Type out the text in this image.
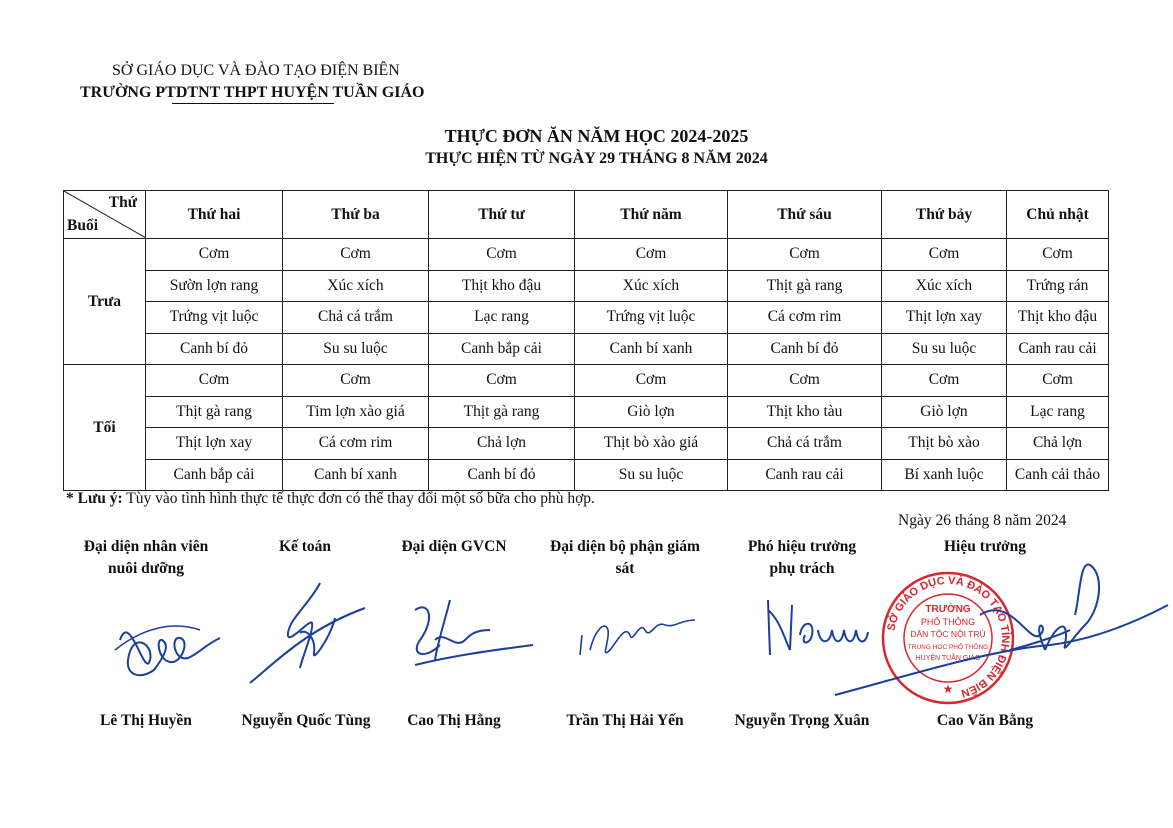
SỞ GIÁO DỤC VÀ ĐÀO TẠO ĐIỆN BIÊN
TRƯỜNG PTDTNT THPT HUYỆN TUẦN GIÁO
THỰC ĐƠN ĂN NĂM HỌC 2024-2025
THỰC HIỆN TỪ NGÀY 29 THÁNG 8 NĂM 2024
Thứ
Buổi	Thứ hai	Thứ ba	Thứ tư	Thứ năm	Thứ sáu	Thứ bảy	Chủ nhật
Trưa	Cơm	Cơm	Cơm	Cơm	Cơm	Cơm	Cơm
	Sườn lợn rang	Xúc xích	Thịt kho đậu	Xúc xích	Thịt gà rang	Xúc xích	Trứng rán
	Trứng vịt luộc	Chả cá trắm	Lạc rang	Trứng vịt luộc	Cá cơm rim	Thịt lợn xay	Thịt kho đậu
	Canh bí đỏ	Su su luộc	Canh bắp cải	Canh bí xanh	Canh bí đỏ	Su su luộc	Canh rau cải
Tối	Cơm	Cơm	Cơm	Cơm	Cơm	Cơm	Cơm
	Thịt gà rang	Tim lợn xào giá	Thịt gà rang	Giò lợn	Thịt kho tàu	Giò lợn	Lạc rang
	Thịt lợn xay	Cá cơm rim	Chả lợn	Thịt bò xào giá	Chả cá trắm	Thịt bò xào	Chả lợn
	Canh bắp cải	Canh bí xanh	Canh bí đỏ	Su su luộc	Canh rau cải	Bí xanh luộc	Canh cải thảo
* Lưu ý: Tùy vào tình hình thực tế thực đơn có thể thay đổi một số bữa cho phù hợp.
Ngày 26 tháng 8 năm 2024
Đại diện nhân viên
nuôi dưỡng
Kế toán	Đại diện GVCN	Đại diện bộ phận giám
sát
Phó hiệu trưởng
phụ trách
Hiệu trưởng
SỞ GIÁO DỤC VÀ ĐÀO TẠO TỈNH ĐIỆN BIÊN
TRƯỜNG
PHỔ THÔNG
DÂN TỘC NỘI TRÚ
TRUNG HỌC PHỔ THÔNG
HUYỆN TUẦN GIÁO
★
Lê Thị Huyền	Nguyễn Quốc Tùng	Cao Thị Hằng	Trần Thị Hải Yến	Nguyễn Trọng Xuân	Cao Văn Bằng
